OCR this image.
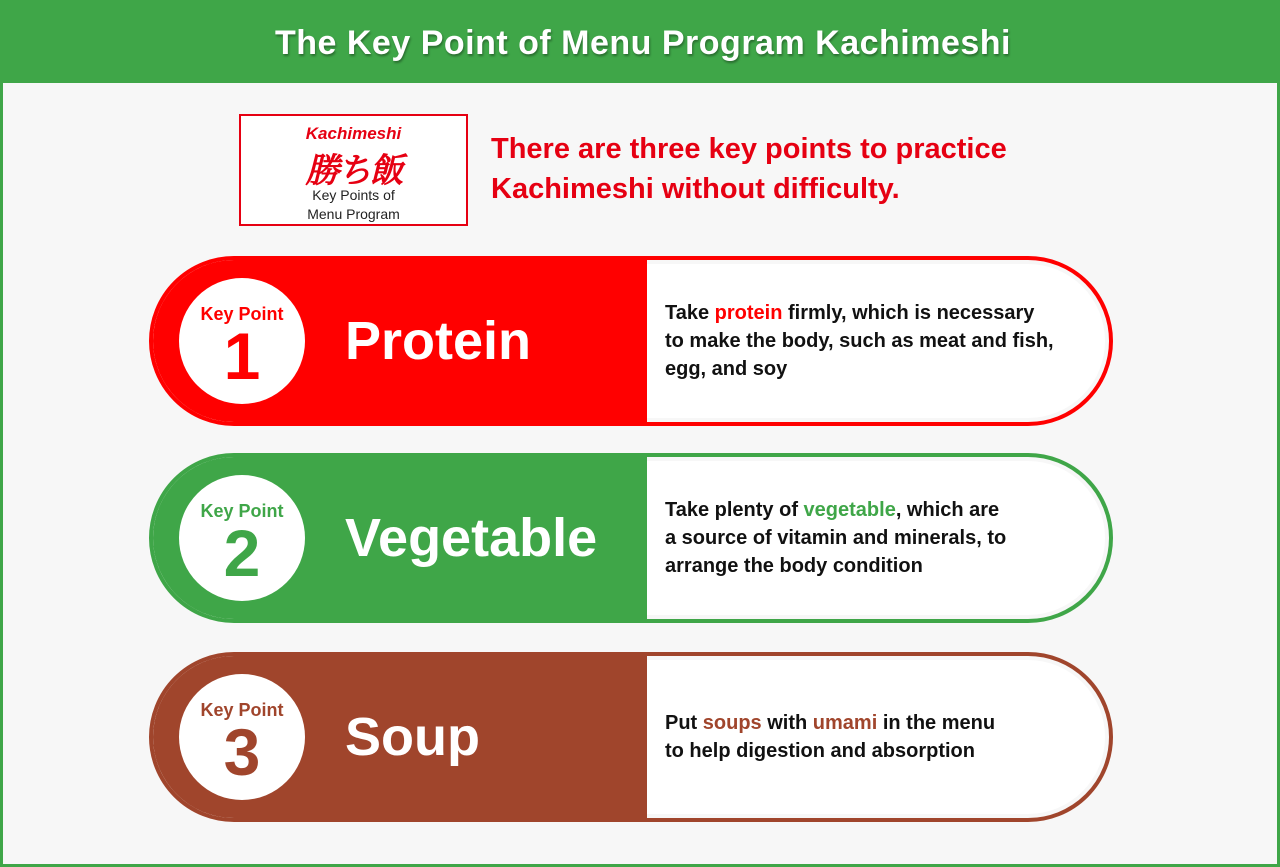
The Key Point of Menu Program Kachimeshi
Kachimeshi
勝ち飯
Key Points of
Menu Program
There are three key points to practice
Kachimeshi without difficulty.
Key Point
1	Protein	Take protein firmly, which is necessary
to make the body, such as meat and fish,
egg, and soy
Key Point
2	Vegetable	Take plenty of vegetable, which are
a source of vitamin and minerals, to
arrange the body condition
Key Point
3	Soup	Put soups with umami in the menu
to help digestion and absorption
